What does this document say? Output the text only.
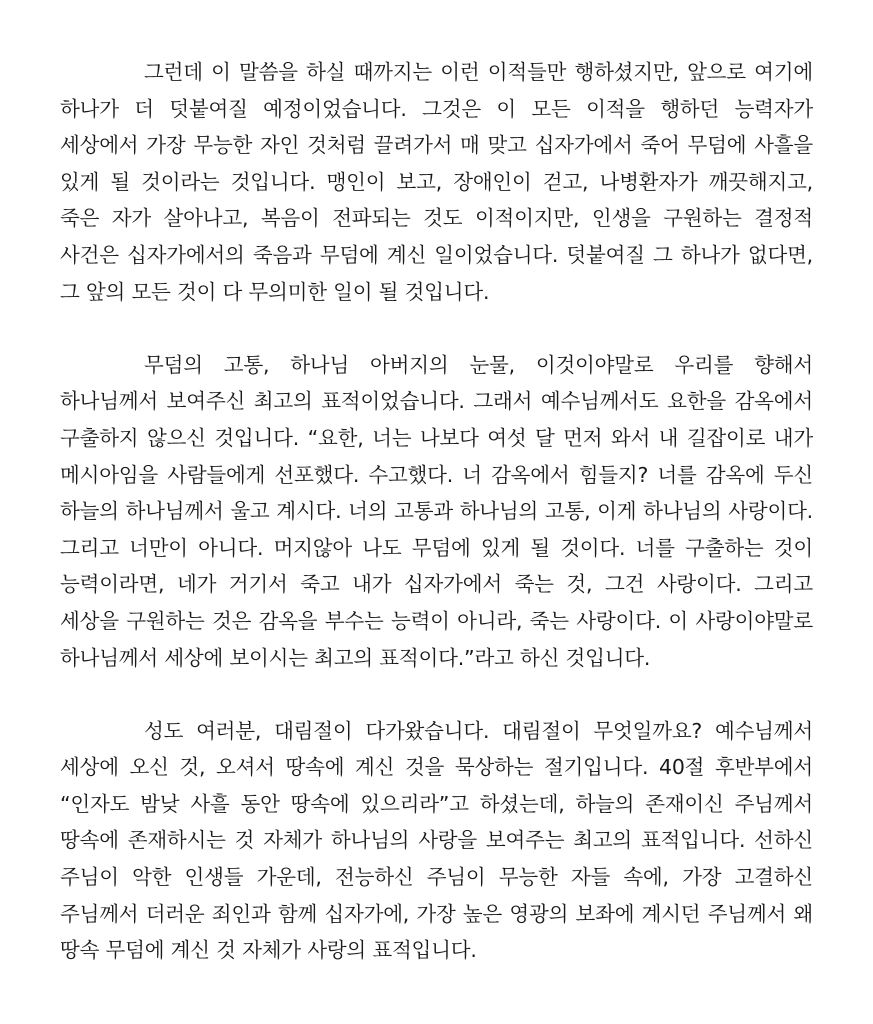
그런데 이 말씀을 하실 때까지는 이런 이적들만 행하셨지만, 앞으로 여기에 하나가 더 덧붙여질 예정이었습니다. 그것은 이 모든 이적을 행하던 능력자가 세상에서 가장 무능한 자인 것처럼 끌려가서 매 맞고 십자가에서 죽어 무덤에 사흘을 있게 될 것이라는 것입니다. 맹인이 보고, 장애인이 걷고, 나병환자가 깨끗해지고, 죽은 자가 살아나고, 복음이 전파되는 것도 이적이지만, 인생을 구원하는 결정적 사건은 십자가에서의 죽음과 무덤에 계신 일이었습니다. 덧붙여질 그 하나가 없다면, 그 앞의 모든 것이 다 무의미한 일이 될 것입니다.

무덤의 고통, 하나님 아버지의 눈물, 이것이야말로 우리를 향해서 하나님께서 보여주신 최고의 표적이었습니다. 그래서 예수님께서도 요한을 감옥에서 구출하지 않으신 것입니다. “요한, 너는 나보다 여섯 달 먼저 와서 내 길잡이로 내가 메시아임을 사람들에게 선포했다. 수고했다. 너 감옥에서 힘들지? 너를 감옥에 두신 하늘의 하나님께서 울고 계시다. 너의 고통과 하나님의 고통, 이게 하나님의 사랑이다. 그리고 너만이 아니다. 머지않아 나도 무덤에 있게 될 것이다. 너를 구출하는 것이 능력이라면, 네가 거기서 죽고 내가 십자가에서 죽는 것, 그건 사랑이다. 그리고 세상을 구원하는 것은 감옥을 부수는 능력이 아니라, 죽는 사랑이다. 이 사랑이야말로 하나님께서 세상에 보이시는 최고의 표적이다.”라고 하신 것입니다.

성도 여러분, 대림절이 다가왔습니다. 대림절이 무엇일까요? 예수님께서 세상에 오신 것, 오셔서 땅속에 계신 것을 묵상하는 절기입니다. 40절 후반부에서 “인자도 밤낮 사흘 동안 땅속에 있으리라”고 하셨는데, 하늘의 존재이신 주님께서 땅속에 존재하시는 것 자체가 하나님의 사랑을 보여주는 최고의 표적입니다. 선하신 주님이 악한 인생들 가운데, 전능하신 주님이 무능한 자들 속에, 가장 고결하신 주님께서 더러운 죄인과 함께 십자가에, 가장 높은 영광의 보좌에 계시던 주님께서 왜 땅속 무덤에 계신 것 자체가 사랑의 표적입니다.
